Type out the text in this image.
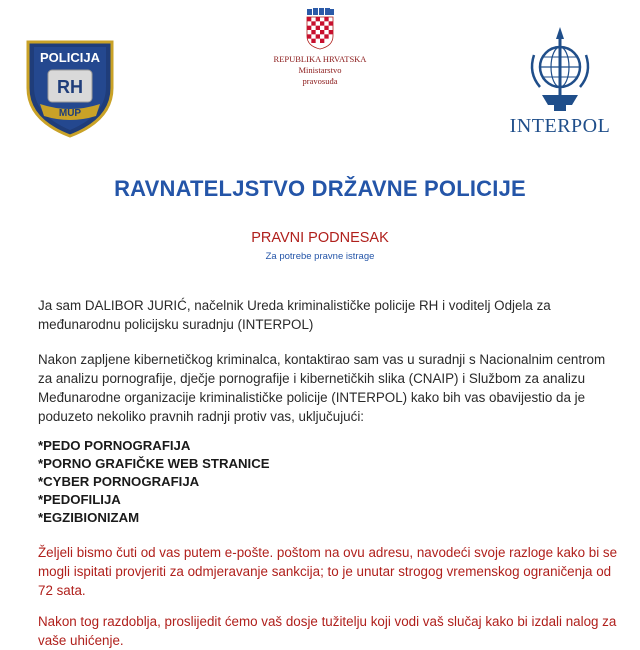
POLICIJA
RH
MUP
REPUBLIKA HRVATSKA
Ministarstvo
pravosuđa
INTERPOL
RAVNATELJSTVO DRŽAVNE POLICIJE
PRAVNI PODNESAK
Za potrebe pravne istrage

Ja sam DALIBOR JURIĆ, načelnik Ureda kriminalističke policije RH i voditelj Odjela za međunarodnu policijsku suradnju (INTERPOL)

Nakon zapljene kibernetičkog kriminalca, kontaktirao sam vas u suradnji s Nacionalnim centrom za analizu pornografije, dječje pornografije i kibernetičkih slika (CNAIP) i Službom za analizu Međunarodne organizacije kriminalističke policije (INTERPOL) kako bih vas obavijestio da je poduzeto nekoliko pravnih radnji protiv vas, uključujući:

*PEDO PORNOGRAFIJA
*PORNO GRAFIČKE WEB STRANICE
*CYBER PORNOGRAFIJA
*PEDOFILIJA
*EGZIBIONIZAM

Željeli bismo čuti od vas putem e-pošte. poštom na ovu adresu, navodeći svoje razloge kako bi se mogli ispitati provjeriti za odmjeravanje sankcija; to je unutar strogog vremenskog ograničenja od 72 sata.

Nakon tog razdoblja, proslijedit ćemo vaš dosje tužitelju koji vodi vaš slučaj kako bi izdali nalog za vaše uhićenje.
